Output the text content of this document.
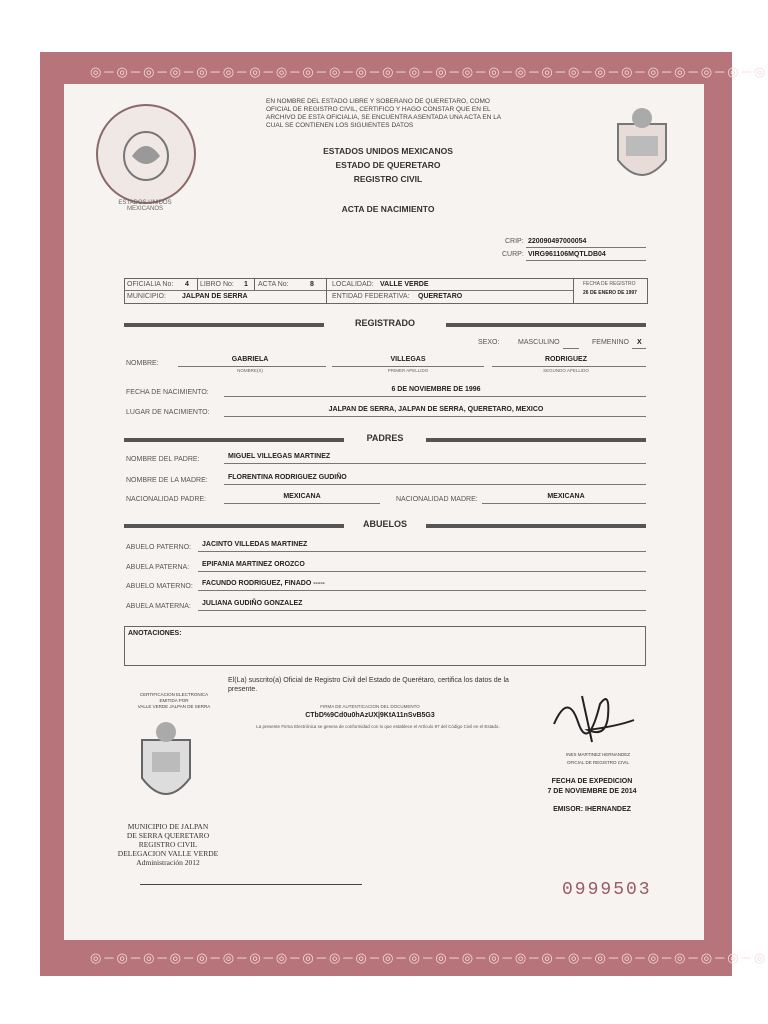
◎─◎─◎─◎─◎─◎─◎─◎─◎─◎─◎─◎─◎─◎─◎─◎─◎─◎─◎─◎─◎─◎─◎─◎─◎─◎
◎─◎─◎─◎─◎─◎─◎─◎─◎─◎─◎─◎─◎─◎─◎─◎─◎─◎─◎─◎─◎─◎─◎─◎─◎─◎
ESTADOS UNIDOS MEXICANOS
EN NOMBRE DEL ESTADO LIBRE Y SOBERANO DE QUERETARO, COMO OFICIAL DE REGISTRO CIVIL, CERTIFICO Y HAGO CONSTAR QUE EN EL ARCHIVO DE ESTA OFICIALIA, SE ENCUENTRA ASENTADA UNA ACTA EN LA CUAL SE CONTIENEN LOS SIGUIENTES DATOS
ESTADOS UNIDOS MEXICANOS
ESTADO DE QUERETARO
REGISTRO CIVIL
ACTA DE NACIMIENTO
CRIP: 220090497000054
CURP: VIRG961106MQTLDB04
OFICIALIA No: 4 LIBRO No: 1 ACTA No:	8	LOCALIDAD: VALLE VERDE
MUNICIPIO: JALPAN DE SERRA	ENTIDAD FEDERATIVA: QUERETARO
FECHA DE REGISTRO
26 DE ENERO DE 1997
REGISTRADO
SEXO:	MASCULINO	FEMENINO X
NOMBRE:
GABRIELA
NOMBRE(S)
VILLEGAS
PRIMER APELLIDO
RODRIGUEZ
SEGUNDO APELLIDO
FECHA DE NACIMIENTO:	6 DE NOVIEMBRE DE 1996
LUGAR DE NACIMIENTO:	JALPAN DE SERRA, JALPAN DE SERRA, QUERETARO, MEXICO
PADRES
NOMBRE DEL PADRE:	MIGUEL VILLEGAS MARTINEZ
NOMBRE DE LA MADRE:	FLORENTINA RODRIGUEZ GUDIÑO
NACIONALIDAD PADRE:	MEXICANA	NACIONALIDAD MADRE:	MEXICANA
ABUELOS
ABUELO PATERNO: JACINTO VILLEDAS MARTINEZ
ABUELA PATERNA: EPIFANIA MARTINEZ OROZCO
ABUELO MATERNO: FACUNDO RODRIGUEZ, FINADO -----
ABUELA MATERNA: JULIANA GUDIÑO GONZALEZ
ANOTACIONES:
El(La) suscrito(a) Oficial de Registro Civil del Estado de Querétaro, certifica los datos de la presente.
FIRMA DE AUTENTICACION DEL DOCUMENTO
CTbD%9Cd0u0hAzUX|9KtA11nSvB5G3
La presente Firma Electrónica se genera de conformidad con lo que establece el Artículo 97 del Código Civil en el Estado.
CERTIFICACION ELECTRONICA
EMITIDA POR
VALLE VERDE JALPAN DE SERRA
MUNICIPIO DE JALPAN
DE SERRA QUERETARO
REGISTRO CIVIL
DELEGACION VALLE VERDE
Administración 2012
INES MARTINEZ HERNANDEZ
OFICIAL DE REGISTRO CIVIL
FECHA DE EXPEDICION
7 DE NOVIEMBRE DE 2014
EMISOR: IHERNANDEZ
0999503
